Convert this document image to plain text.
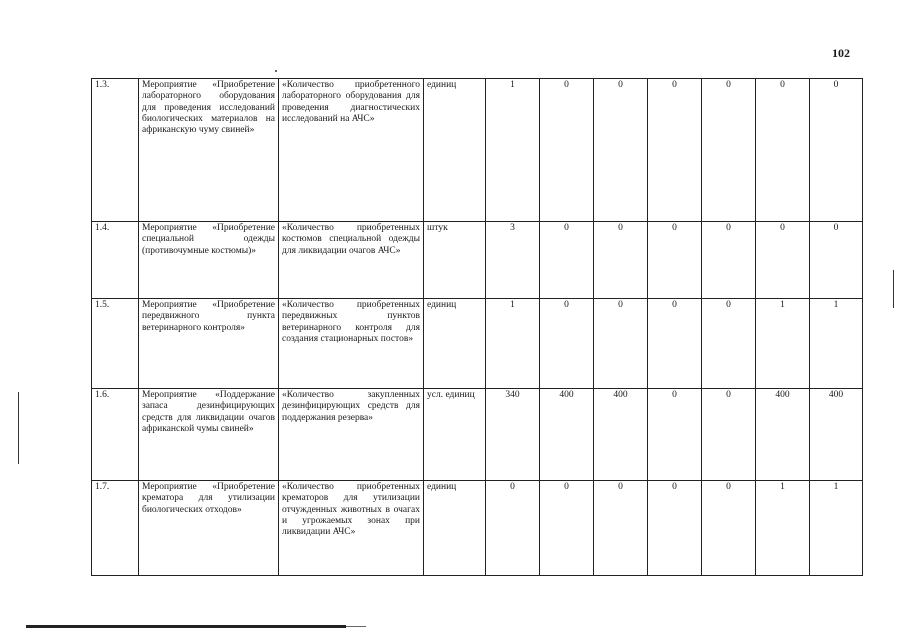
102
1.3.	Мероприятие «Приобретение лабораторного оборудования для проведения исследований биологических материалов на африканскую чуму свиней»	«Количество приобретенного лабораторного оборудования для проведения диагностических исследований на АЧС»	единиц	1	0	0	0	0	0	0
1.4.	Мероприятие «Приобретение специальной одежды (противочумные костюмы)»	«Количество приобретенных костюмов специальной одежды для ликвидации очагов АЧС»	штук	3	0	0	0	0	0	0
1.5.	Мероприятие «Приобретение передвижного пункта ветеринарного контроля»	«Количество приобретенных передвижных пунктов ветеринарного контроля для создания стационарных постов»	единиц	1	0	0	0	0	1	1
1.6.	Мероприятие «Поддержание запаса дезинфицирующих средств для ликвидации очагов африканской чумы свиней»	«Количество закупленных дезинфицирующих средств для поддержания резерва»	усл. единиц	340	400	400	0	0	400	400
1.7.	Мероприятие «Приобретение крематора для утилизации биологических отходов»	«Количество приобретенных крематоров для утилизации отчужденных животных в очагах и угрожаемых зонах при ликвидации АЧС»	единиц	0	0	0	0	0	1	1
